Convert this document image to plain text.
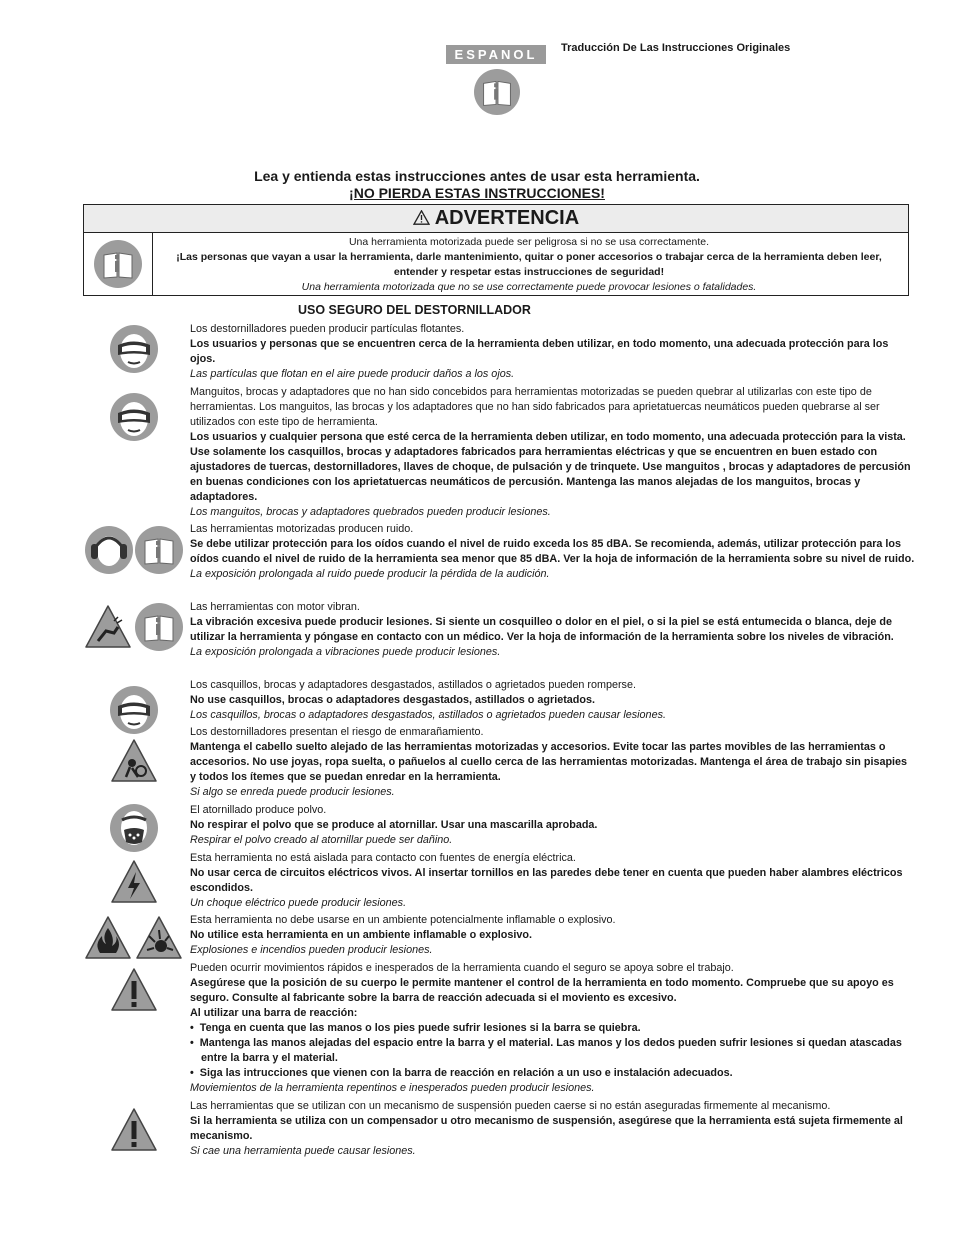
ESPANOL	Traducción De Las Instrucciones Originales
Lea y entienda estas instrucciones antes de usar esta herramienta.
¡NO PIERDA ESTAS INSTRUCCIONES!
ADVERTENCIA
Una herramienta motorizada puede ser peligrosa si no se usa correctamente.
¡Las personas que vayan a usar la herramienta, darle mantenimiento, quitar o poner accesorios o trabajar cerca de la herramienta deben leer, entender y respetar estas instrucciones de seguridad!
Una herramienta motorizada que no se use correctamente puede provocar lesiones o fatalidades.
USO SEGURO DEL DESTORNILLADOR

Los destornilladores pueden producir partículas flotantes.

Los usuarios y personas que se encuentren cerca de la herramienta deben utilizar, en todo momento, una adecuada protección para los ojos.

Las partículas que flotan en el aire puede producir daños a los ojos.

Manguitos, brocas y adaptadores que no han sido concebidos para herramientas motorizadas se pueden quebrar al utilizarlas con este tipo de herramientas. Los manguitos, las brocas y los adaptadores que no han sido fabricados para aprietatuercas neumáticos pueden quebrarse al ser utilizados con este tipo de herramienta.

Los usuarios y cualquier persona que esté cerca de la herramienta deben utilizar, en todo momento, una adecuada protección para la vista. Use solamente los casquillos, brocas y adaptadores fabricados para herramientas eléctricas y que se encuentren en buen estado con ajustadores de tuercas, destornilladores, llaves de choque, de pulsación y de trinquete. Use manguitos , brocas y adaptadores de percusión en buenas condiciones con los aprietatuercas neumáticos de percusión. Mantenga las manos alejadas de los manguitos, brocas y adaptadores.

Los manguitos, brocas y adaptadores quebrados pueden producir lesiones.

Las herramientas motorizadas producen ruido.

Se debe utilizar protección para los oídos cuando el nivel de ruido exceda los 85 dBA. Se recomienda, además, utilizar protección para los oídos cuando el nivel de ruido de la herramienta sea menor que 85 dBA. Ver la hoja de información de la herramienta sobre su nivel de ruido.

La exposición prolongada al ruido puede producir la pérdida de la audición.

Las herramientas con motor vibran.

La vibración excesiva puede producir lesiones. Si siente un cosquilleo o dolor en el piel, o si la piel se está entumecida o blanca, deje de utilizar la herramienta y póngase en contacto con un médico. Ver la hoja de información de la herramienta sobre los niveles de vibración.

La exposición prolongada a vibraciones puede producir lesiones.

Los casquillos, brocas y adaptadores desgastados, astillados o agrietados pueden romperse.

No use casquillos, brocas o adaptadores desgastados, astillados o agrietados.

Los casquillos, brocas o adaptadores desgastados, astillados o agrietados pueden causar lesiones.

Los destornilladores presentan el riesgo de enmarañamiento.

Mantenga el cabello suelto alejado de las herramientas motorizadas y accesorios. Evite tocar las partes movibles de las herramientas o accesorios. No use joyas, ropa suelta, o pañuelos al cuello cerca de las herramientas motorizadas. Mantenga el área de trabajo sin pisapies y todos los ítemes que se puedan enredar en la herramienta.

Si algo se enreda puede producir lesiones.

El atornillado produce polvo.

No respirar el polvo que se produce al atornillar. Usar una mascarilla aprobada.

Respirar el polvo creado al atornillar puede ser dañino.

Esta herramienta no está aislada para contacto con fuentes de energía eléctrica.

No usar cerca de circuitos eléctricos vivos. Al insertar tornillos en las paredes debe tener en cuenta que pueden haber alambres eléctricos escondidos.

Un choque eléctrico puede producir lesiones.

Esta herramienta no debe usarse en un ambiente potencialmente inflamable o explosivo.

No utilice esta herramienta en un ambiente inflamable o explosivo.

Explosiones e incendios pueden producir lesiones.

Pueden ocurrir movimientos rápidos e inesperados de la herramienta cuando el seguro se apoya sobre el trabajo.

Asegúrese que la posición de su cuerpo le permite mantener el control de la herramienta en todo momento. Compruebe que su apoyo es seguro. Consulte al fabricante sobre la barra de reacción adecuada si el moviento es excesivo.

Al utilizar una barra de reacción:

•  Tenga en cuenta que las manos o los pies puede sufrir lesiones si la barra se quiebra.

•  Mantenga las manos alejadas del espacio entre la barra y el material. Las manos y los dedos pueden sufrir lesiones si quedan atascadas entre la barra y el material.

•  Siga las intrucciones que vienen con la barra de reacción en relación a un uso e instalación adecuados.

Moviemientos de la herramienta repentinos e inesperados pueden producir lesiones.

Las herramientas que se utilizan con un mecanismo de suspensión pueden caerse si no están aseguradas firmemente al mecanismo.

Si la herramienta se utiliza con un compensador u otro mecanismo de suspensión, asegúrese que la herramienta está sujeta firmemente al mecanismo.

Si cae una herramienta puede causar lesiones.
